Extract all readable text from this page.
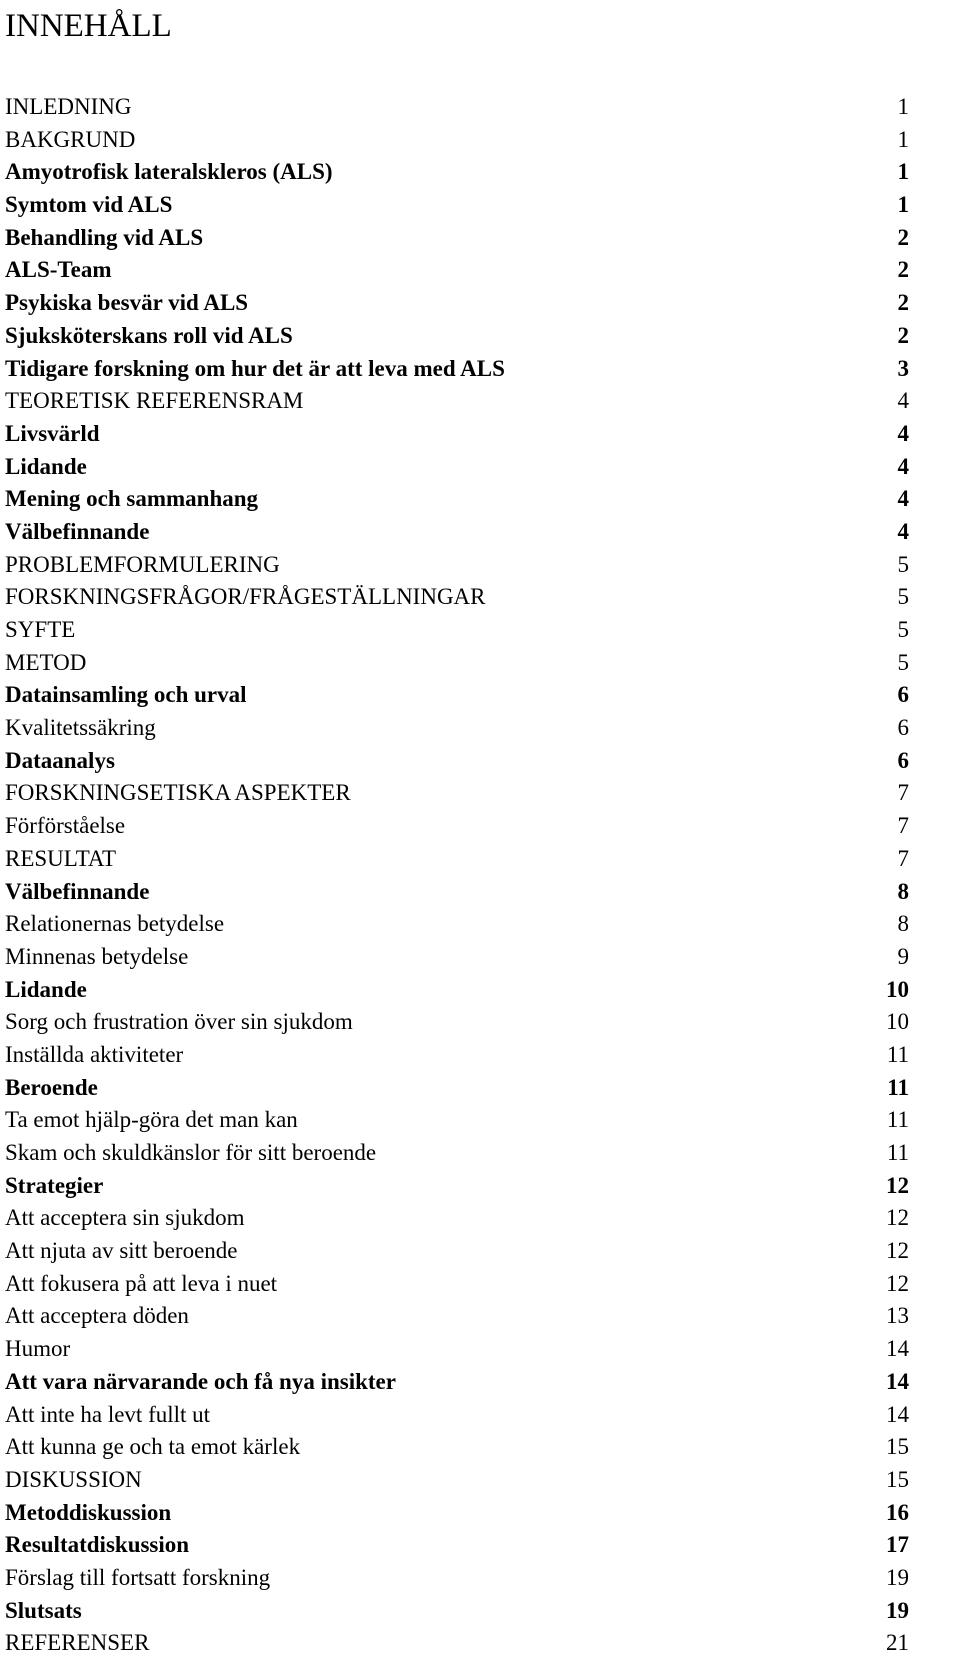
INNEHÅLL
INLEDNING	1
BAKGRUND	1
Amyotrofisk lateralskleros (ALS)	1
Symtom vid ALS	1
Behandling vid ALS	2
ALS-Team	2
Psykiska besvär vid ALS	2
Sjuksköterskans roll vid ALS	2
Tidigare forskning om hur det är att leva med ALS	3
TEORETISK REFERENSRAM	4
Livsvärld	4
Lidande	4
Mening och sammanhang	4
Välbefinnande	4
PROBLEMFORMULERING	5
FORSKNINGSFRÅGOR/FRÅGESTÄLLNINGAR	5
SYFTE	5
METOD	5
Datainsamling och urval	6
Kvalitetssäkring	6
Dataanalys	6
FORSKNINGSETISKA ASPEKTER	7
Förförståelse	7
RESULTAT	7
Välbefinnande	8
Relationernas betydelse	8
Minnenas betydelse	9
Lidande	10
Sorg och frustration över sin sjukdom	10
Inställda aktiviteter	11
Beroende	11
Ta emot hjälp-göra det man kan	11
Skam och skuldkänslor för sitt beroende	11
Strategier	12
Att acceptera sin sjukdom	12
Att njuta av sitt beroende	12
Att fokusera på att leva i nuet	12
Att acceptera döden	13
Humor	14
Att vara närvarande och få nya insikter	14
Att inte ha levt fullt ut	14
Att kunna ge och ta emot kärlek	15
DISKUSSION	15
Metoddiskussion	16
Resultatdiskussion	17
Förslag till fortsatt forskning	19
Slutsats	19
REFERENSER	21
